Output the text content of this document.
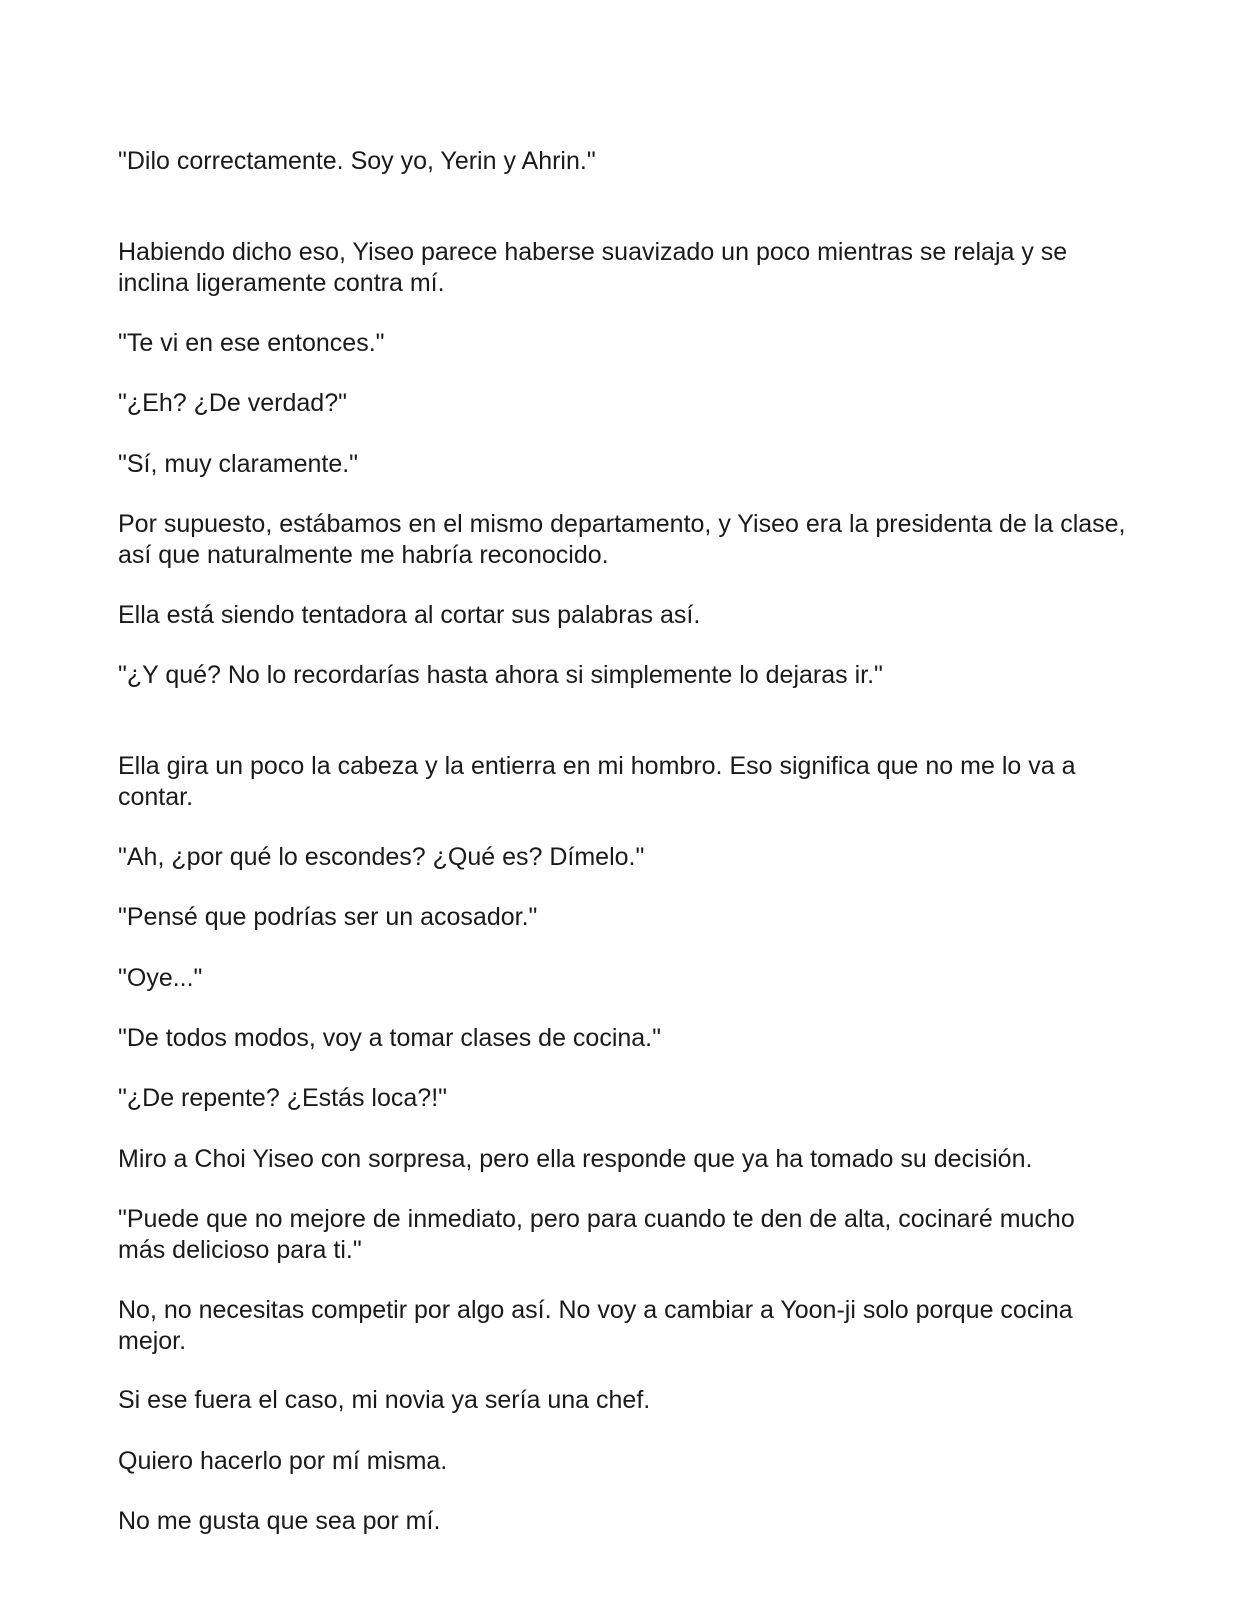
"Dilo correctamente. Soy yo, Yerin y Ahrin."

Habiendo dicho eso, Yiseo parece haberse suavizado un poco mientras se relaja y se inclina ligeramente contra mí.

"Te vi en ese entonces."

"¿Eh? ¿De verdad?"

"Sí, muy claramente."

Por supuesto, estábamos en el mismo departamento, y Yiseo era la presidenta de la clase, así que naturalmente me habría reconocido.

Ella está siendo tentadora al cortar sus palabras así.

"¿Y qué? No lo recordarías hasta ahora si simplemente lo dejaras ir."

Ella gira un poco la cabeza y la entierra en mi hombro. Eso significa que no me lo va a contar.

"Ah, ¿por qué lo escondes? ¿Qué es? Dímelo."

"Pensé que podrías ser un acosador."

"Oye..."

"De todos modos, voy a tomar clases de cocina."

"¿De repente? ¿Estás loca?!"

Miro a Choi Yiseo con sorpresa, pero ella responde que ya ha tomado su decisión.

"Puede que no mejore de inmediato, pero para cuando te den de alta, cocinaré mucho más delicioso para ti."

No, no necesitas competir por algo así. No voy a cambiar a Yoon-ji solo porque cocina mejor.

Si ese fuera el caso, mi novia ya sería una chef.

Quiero hacerlo por mí misma.

No me gusta que sea por mí.
